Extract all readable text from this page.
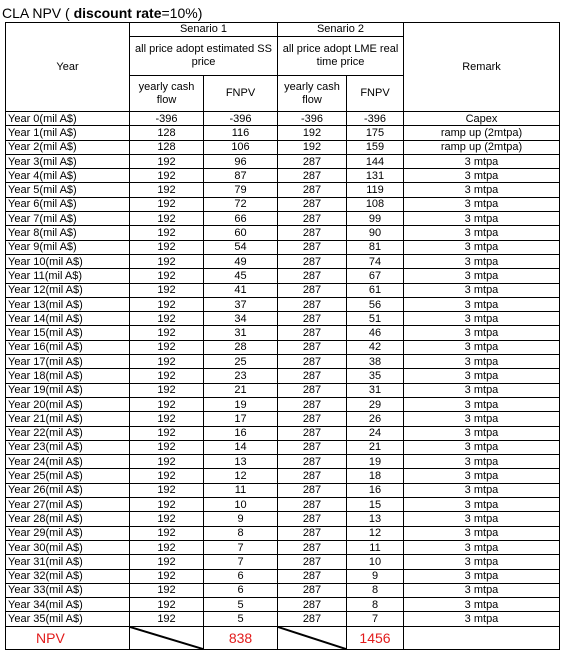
CLA NPV ( discount rate=10%)
Year	Senario 1		Senario 2		Remark
	all price adopt estimated SS price		all price adopt LME real time price		
	yearly cash flow	FNPV	yearly cash flow	FNPV	
Year 0(mil A$)	-396	-396	-396	-396	Capex
Year 1(mil A$)	128	116	192	175	ramp up (2mtpa)
Year 2(mil A$)	128	106	192	159	ramp up (2mtpa)
Year 3(mil A$)	192	96	287	144	3 mtpa
Year 4(mil A$)	192	87	287	131	3 mtpa
Year 5(mil A$)	192	79	287	119	3 mtpa
Year 6(mil A$)	192	72	287	108	3 mtpa
Year 7(mil A$)	192	66	287	99	3 mtpa
Year 8(mil A$)	192	60	287	90	3 mtpa
Year 9(mil A$)	192	54	287	81	3 mtpa
Year 10(mil A$)	192	49	287	74	3 mtpa
Year 11(mil A$)	192	45	287	67	3 mtpa
Year 12(mil A$)	192	41	287	61	3 mtpa
Year 13(mil A$)	192	37	287	56	3 mtpa
Year 14(mil A$)	192	34	287	51	3 mtpa
Year 15(mil A$)	192	31	287	46	3 mtpa
Year 16(mil A$)	192	28	287	42	3 mtpa
Year 17(mil A$)	192	25	287	38	3 mtpa
Year 18(mil A$)	192	23	287	35	3 mtpa
Year 19(mil A$)	192	21	287	31	3 mtpa
Year 20(mil A$)	192	19	287	29	3 mtpa
Year 21(mil A$)	192	17	287	26	3 mtpa
Year 22(mil A$)	192	16	287	24	3 mtpa
Year 23(mil A$)	192	14	287	21	3 mtpa
Year 24(mil A$)	192	13	287	19	3 mtpa
Year 25(mil A$)	192	12	287	18	3 mtpa
Year 26(mil A$)	192	11	287	16	3 mtpa
Year 27(mil A$)	192	10	287	15	3 mtpa
Year 28(mil A$)	192	9	287	13	3 mtpa
Year 29(mil A$)	192	8	287	12	3 mtpa
Year 30(mil A$)	192	7	287	11	3 mtpa
Year 31(mil A$)	192	7	287	10	3 mtpa
Year 32(mil A$)	192	6	287	9	3 mtpa
Year 33(mil A$)	192	6	287	8	3 mtpa
Year 34(mil A$)	192	5	287	8	3 mtpa
Year 35(mil A$)	192	5	287	7	3 mtpa
NPV		838		1456	
